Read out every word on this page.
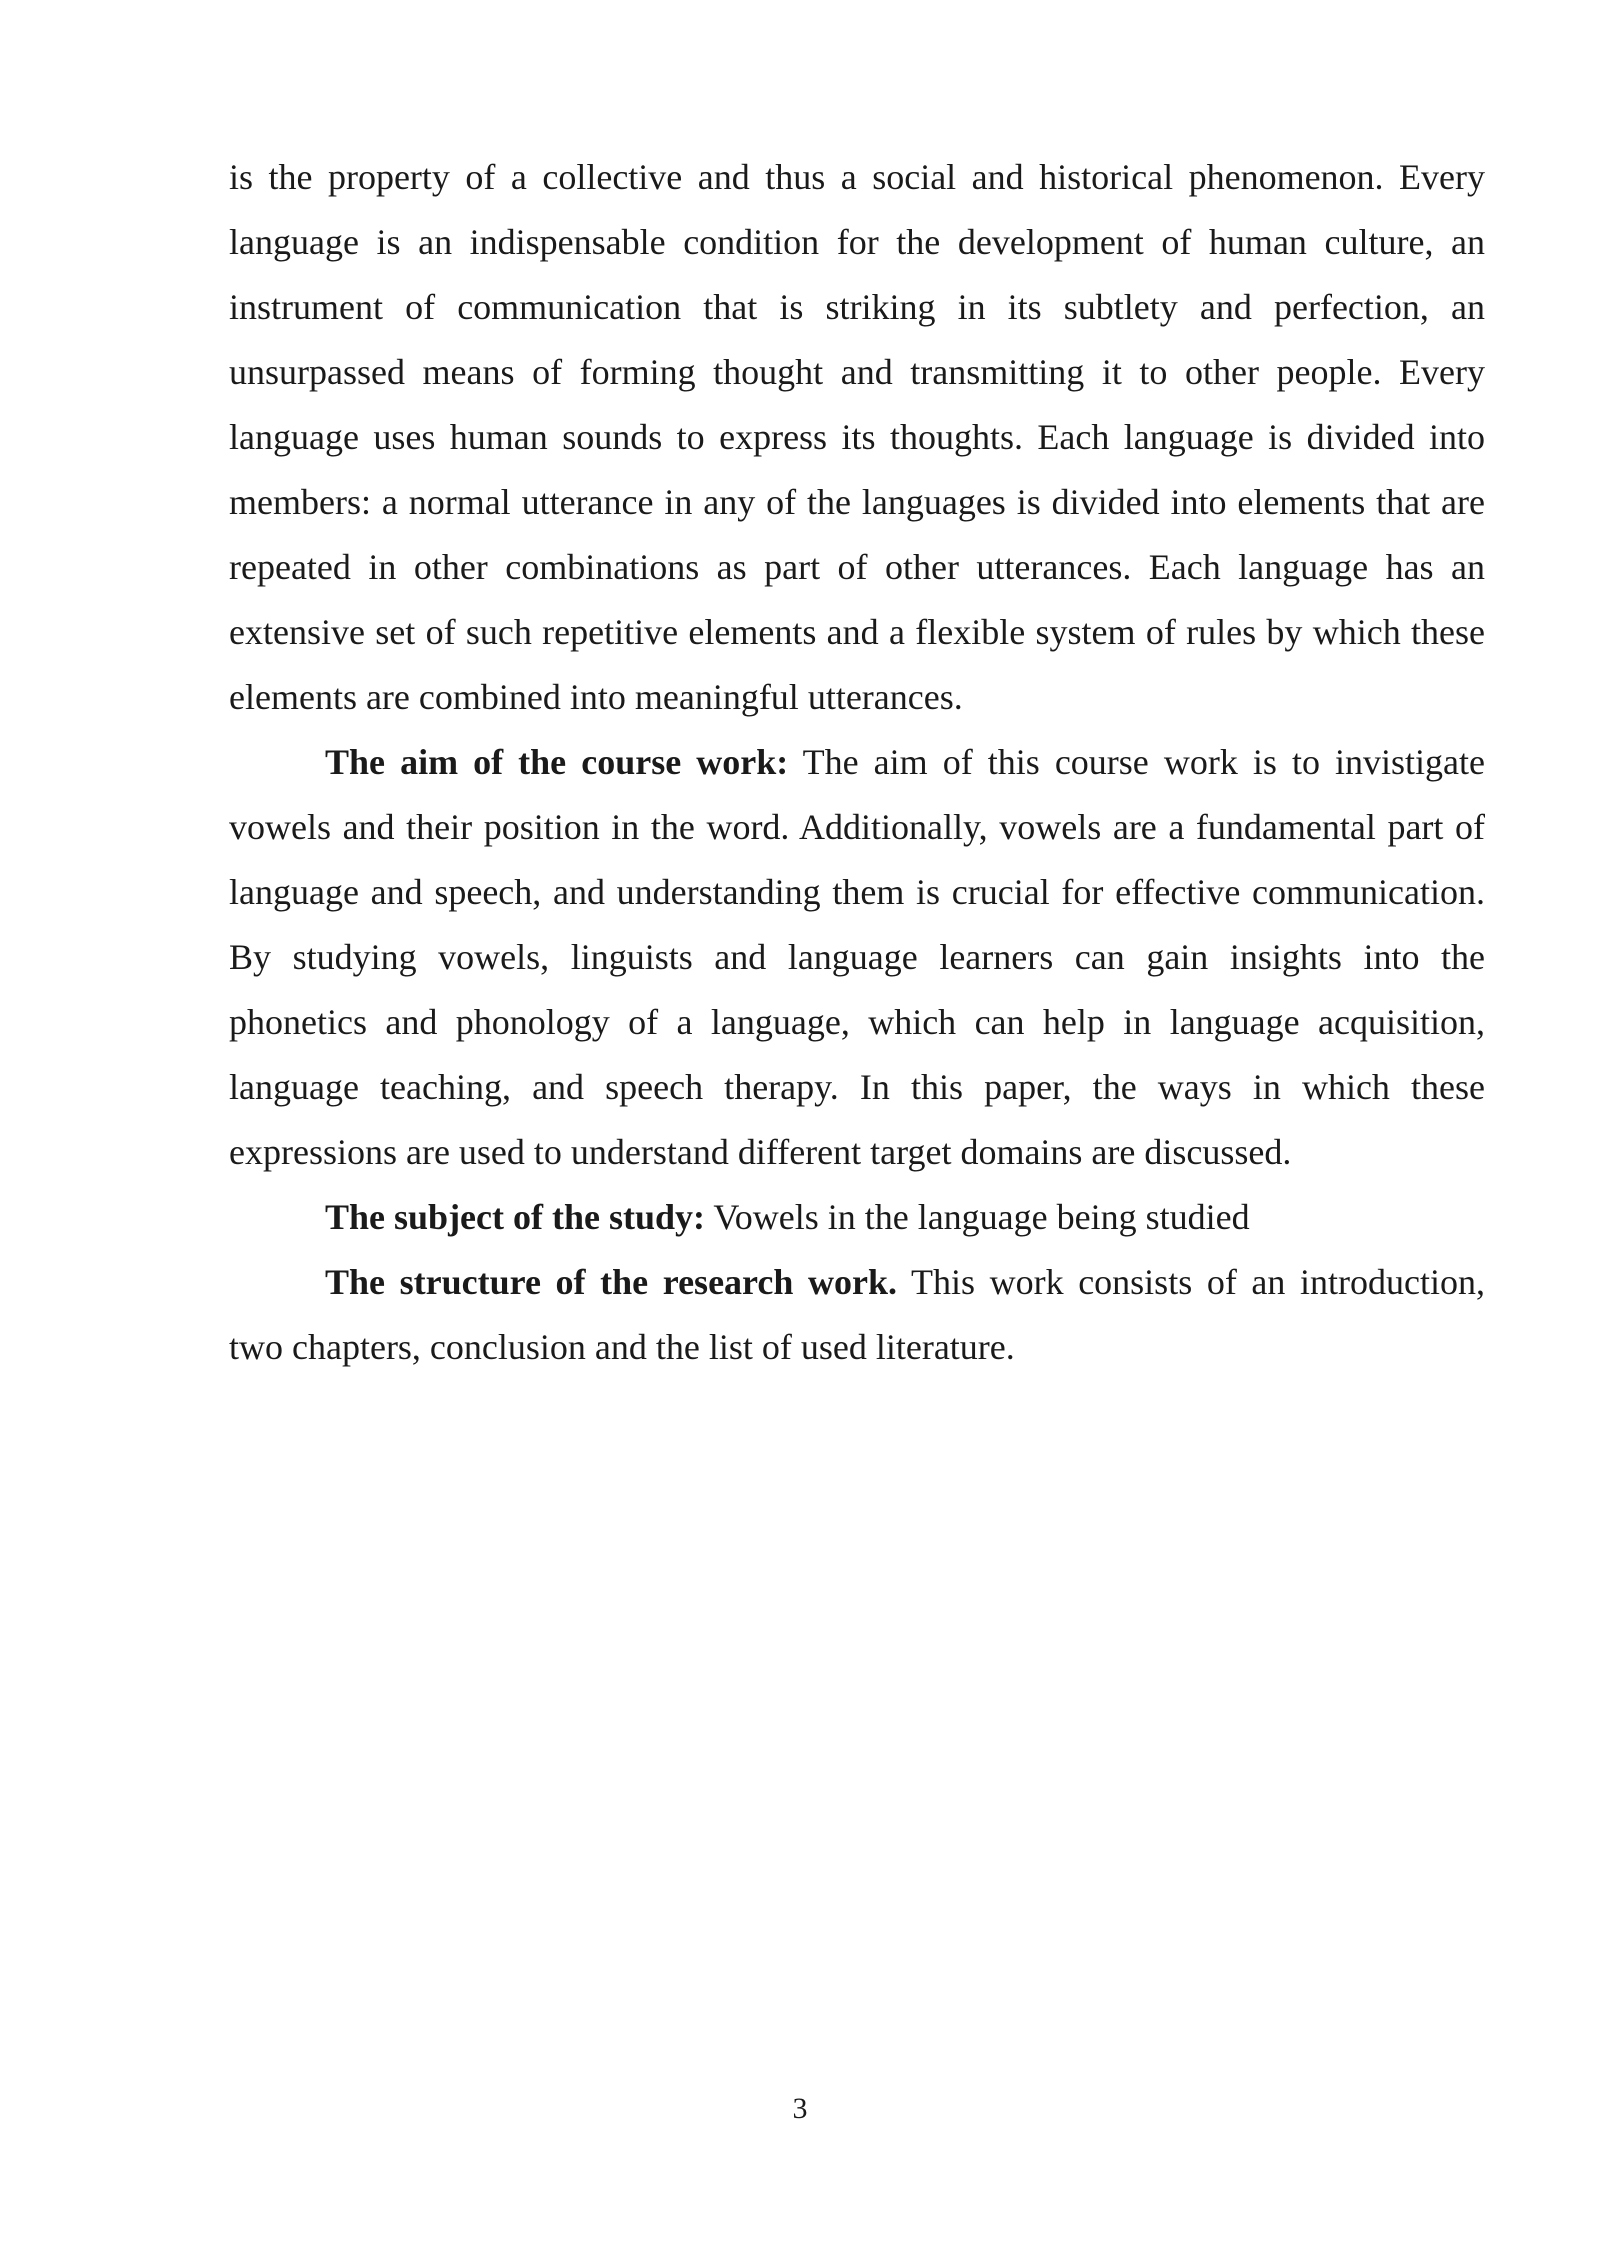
is the property of a collective and thus a social and historical phenomenon. Every language is an indispensable condition for the development of human culture, an instrument of communication that is striking in its subtlety and perfection, an unsurpassed means of forming thought and transmitting it to other people. Every language uses human sounds to express its thoughts. Each language is divided into members: a normal utterance in any of the languages is divided into elements that are repeated in other combinations as part of other utterances. Each language has an extensive set of such repetitive elements and a flexible system of rules by which these elements are combined into meaningful utterances.

The aim of the course work: The aim of this course work is to invistigate vowels and their position in the word. Additionally, vowels are a fundamental part of language and speech, and understanding them is crucial for effective communication. By studying vowels, linguists and language learners can gain insights into the phonetics and phonology of a language, which can help in language acquisition, language teaching, and speech therapy. In this paper, the ways in which these expressions are used to understand different target domains are discussed.

The subject of the study: Vowels in the language being studied

The structure of the research work. This work consists of an introduction, two chapters, conclusion and the list of used literature.

3
